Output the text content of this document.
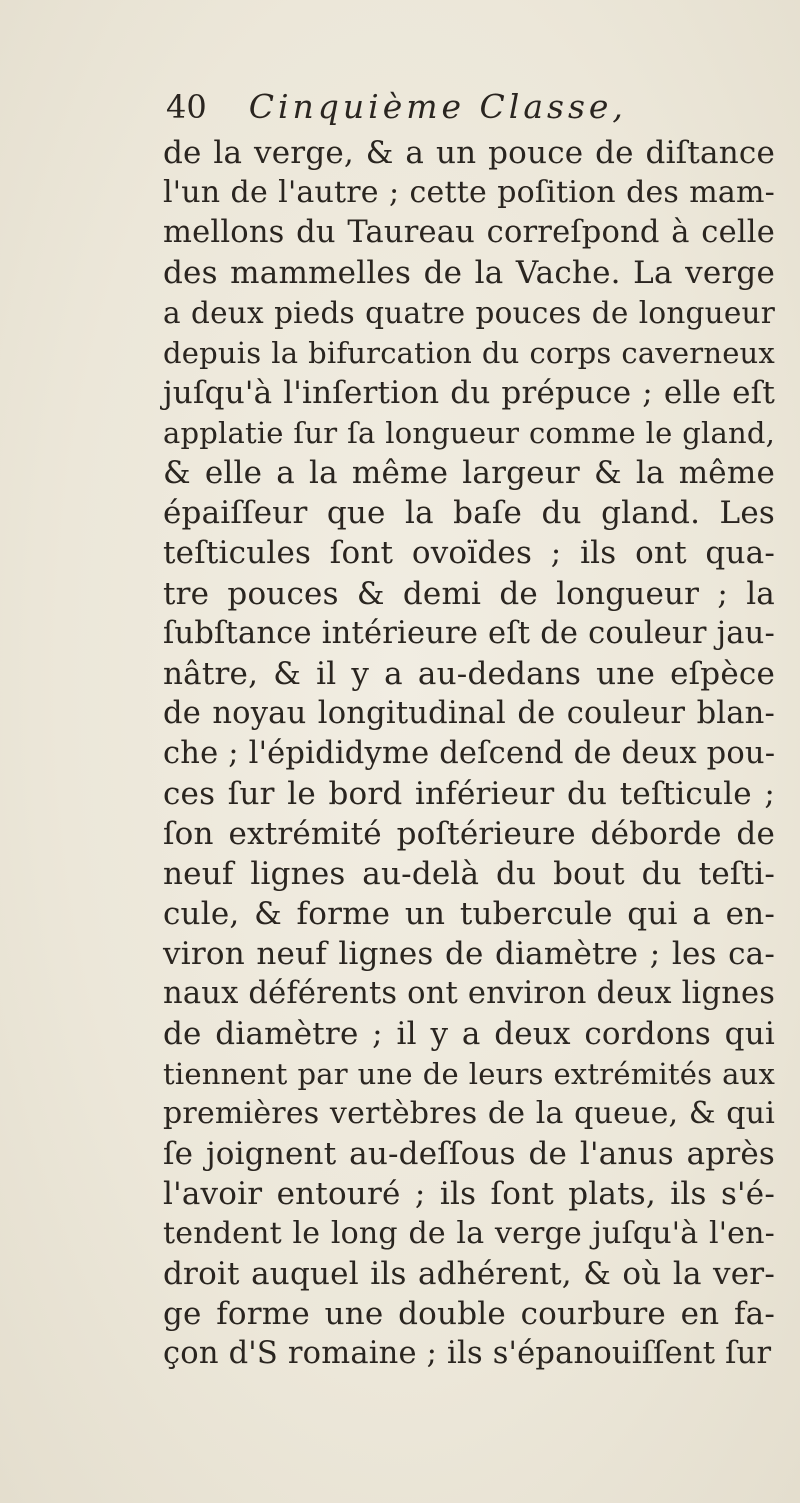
40 Cinquième Classe,
de la verge, & a un pouce de diſtance
l'un de l'autre ; cette poſition des mam-
mellons du Taureau correſpond à celle
des mammelles de la Vache. La verge
a deux pieds quatre pouces de longueur
depuis la bifurcation du corps caverneux
juſqu'à l'inſertion du prépuce ; elle eſt
applatie ſur ſa longueur comme le gland,
& elle a la même largeur & la même
épaiſſeur que la baſe du gland. Les
teſticules ſont ovoïdes ; ils ont qua-
tre pouces & demi de longueur ; la
ſubſtance intérieure eſt de couleur jau-
nâtre, & il y a au-dedans une eſpèce
de noyau longitudinal de couleur blan-
che ; l'épididyme deſcend de deux pou-
ces ſur le bord inférieur du teſticule ;
ſon extrémité poſtérieure déborde de
neuf lignes au-delà du bout du teſti-
cule, & forme un tubercule qui a en-
viron neuf lignes de diamètre ; les ca-
naux déférents ont environ deux lignes
de diamètre ; il y a deux cordons qui
tiennent par une de leurs extrémités aux
premières vertèbres de la queue, & qui
ſe joignent au-deſſous de l'anus après
l'avoir entouré ; ils ſont plats, ils s'é-
tendent le long de la verge juſqu'à l'en-
droit auquel ils adhérent, & où la ver-
ge forme une double courbure en fa-
çon d'S romaine ; ils s'épanouiſſent ſur
